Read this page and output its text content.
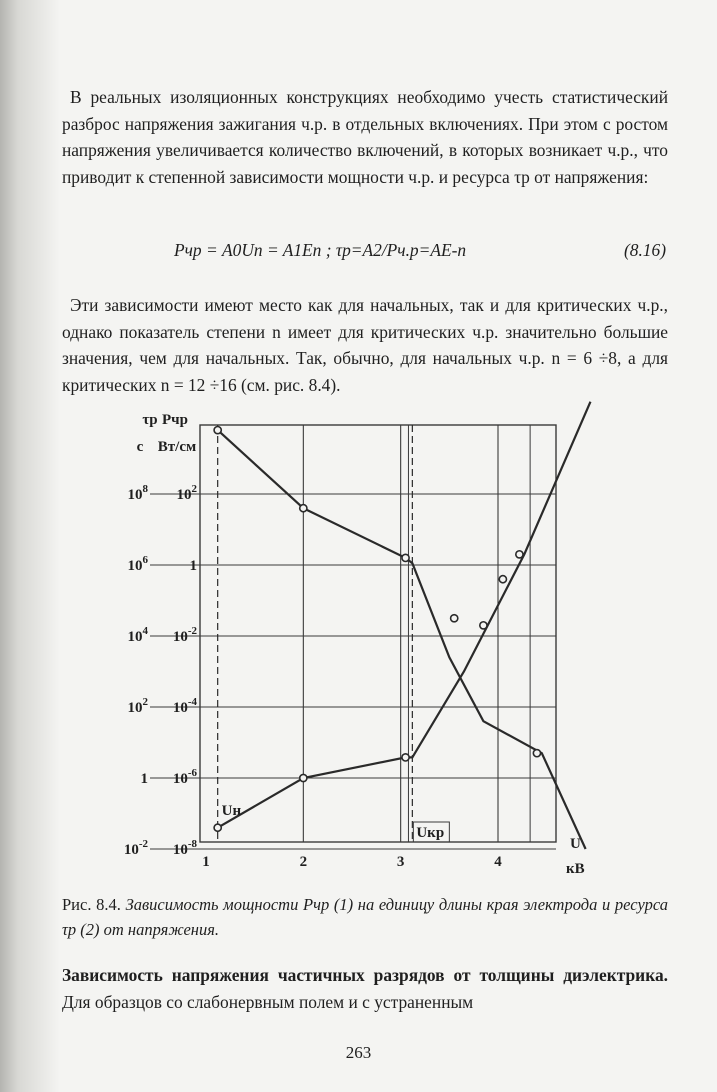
В реальных изоляционных конструкциях необходимо учесть статистический разброс напряжения зажигания ч.р. в отдельных включениях. При этом с ростом напряжения увеличивается количество включений, в которых возникает ч.р., что приводит к степенной зависимости мощности ч.р. и ресурса τр от напряжения:

Pчр = A0Un = A1En ; τр=A2/Pч.р=AE-n	(8.16)

Эти зависимости имеют место как для начальных, так и для критических ч.р., однако показатель степени n имеет для критических ч.р. значительно большие значения, чем для начальных. Так, обычно, для начальных ч.р. n = 6 ÷8, а для критических n = 12 ÷16 (см. рис. 8.4).

$10^8$ $10^2$
$10^6$	1
$10^4$ $10^{-2}$
$10^2$ $10^{-4}$
1 $10^{-6}$
$10^{-2}$ $10^{-8}$
τр
с
Pчр
Вт/см
1	2	3	4
U
кВ
Uн
Uкр
Рис. 8.4. Зависимость мощности Pчр (1) на единицу длины края электрода и ресурса τр (2) от напряжения.
Зависимость напряжения частичных разрядов от толщины диэлектрика. Для образцов со слабонервным полем и с устраненным
263
